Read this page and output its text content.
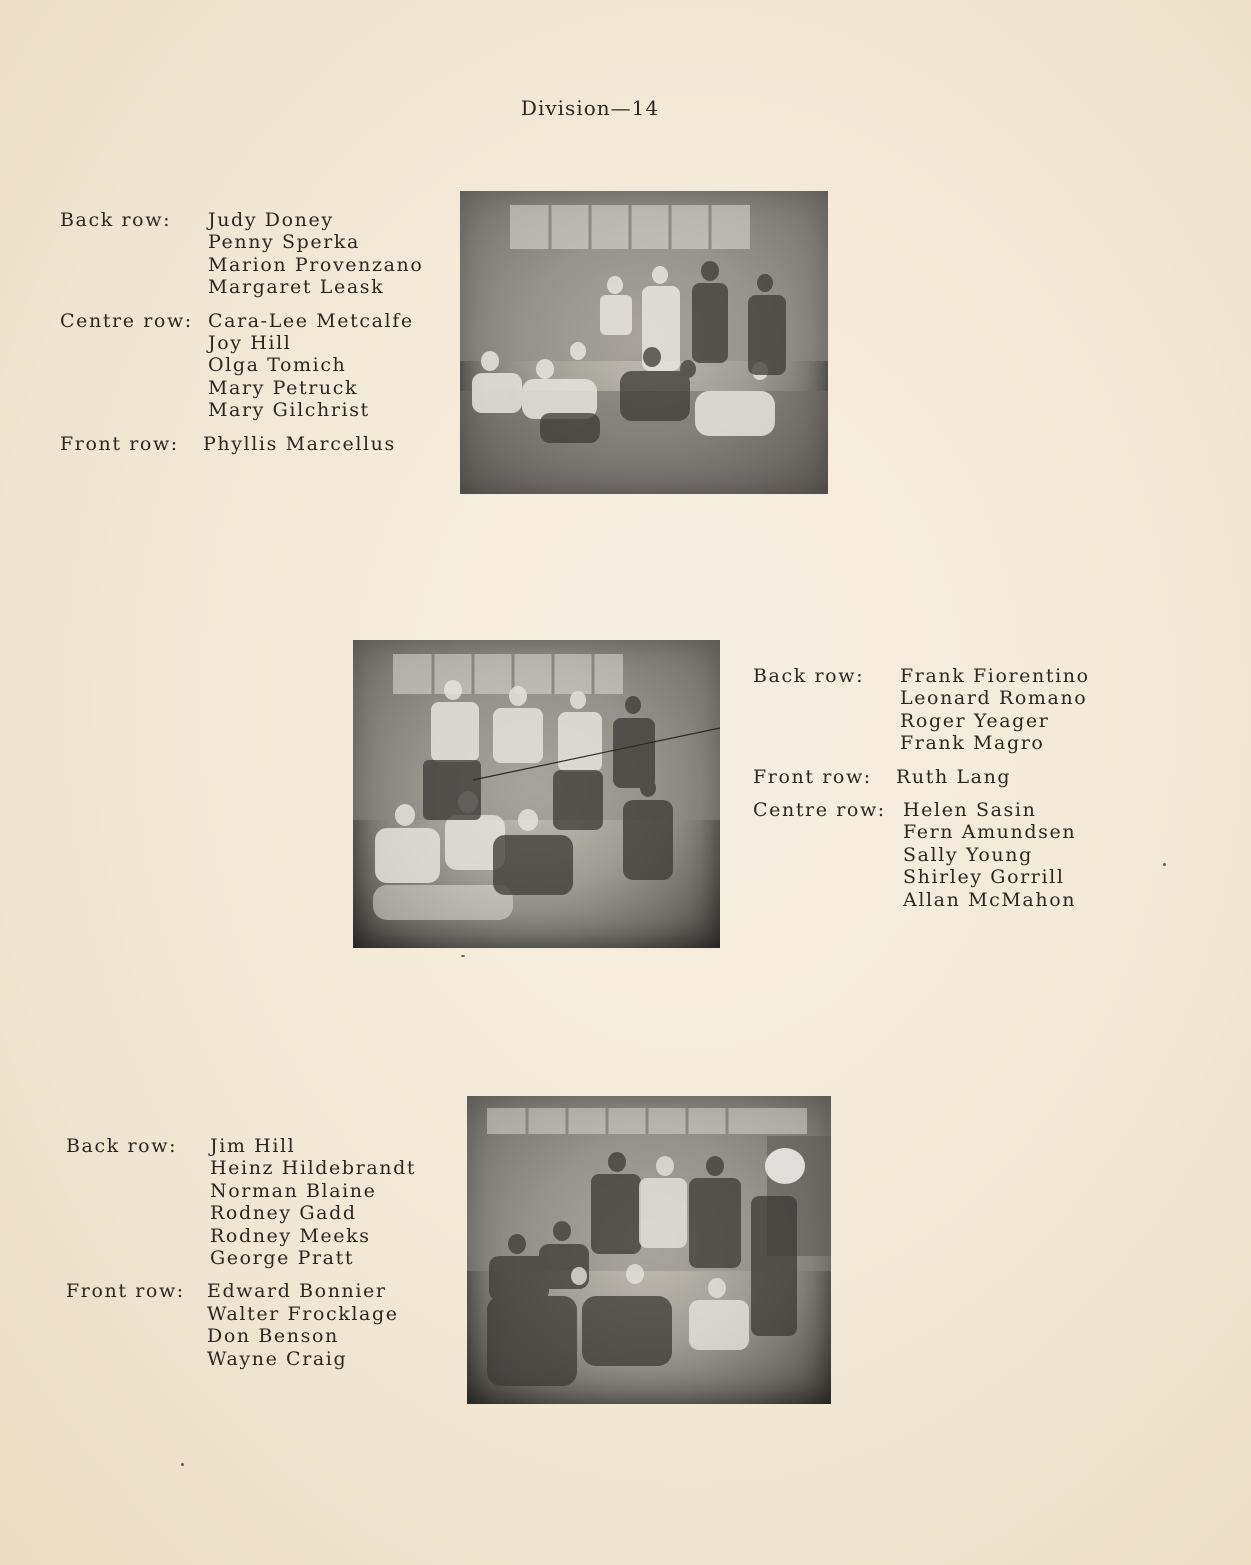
Division—14
Back row:	Judy Doney
Penny Sperka
Marion Provenzano
Margaret Leask
Centre row: Cara-Lee Metcalfe
Joy Hill
Olga Tomich
Mary Petruck
Mary Gilchrist
Front row:	Phyllis Marcellus
Back row:	Frank Fiorentino
Leonard Romano
Roger Yeager
Frank Magro
Front row:	Ruth Lang
Centre row: Helen Sasin
Fern Amundsen
Sally Young
Shirley Gorrill
Allan McMahon
Back row:	Jim Hill
Heinz Hildebrandt
Norman Blaine
Rodney Gadd
Rodney Meeks
George Pratt
Front row:	Edward Bonnier
Walter Frocklage
Don Benson
Wayne Craig
